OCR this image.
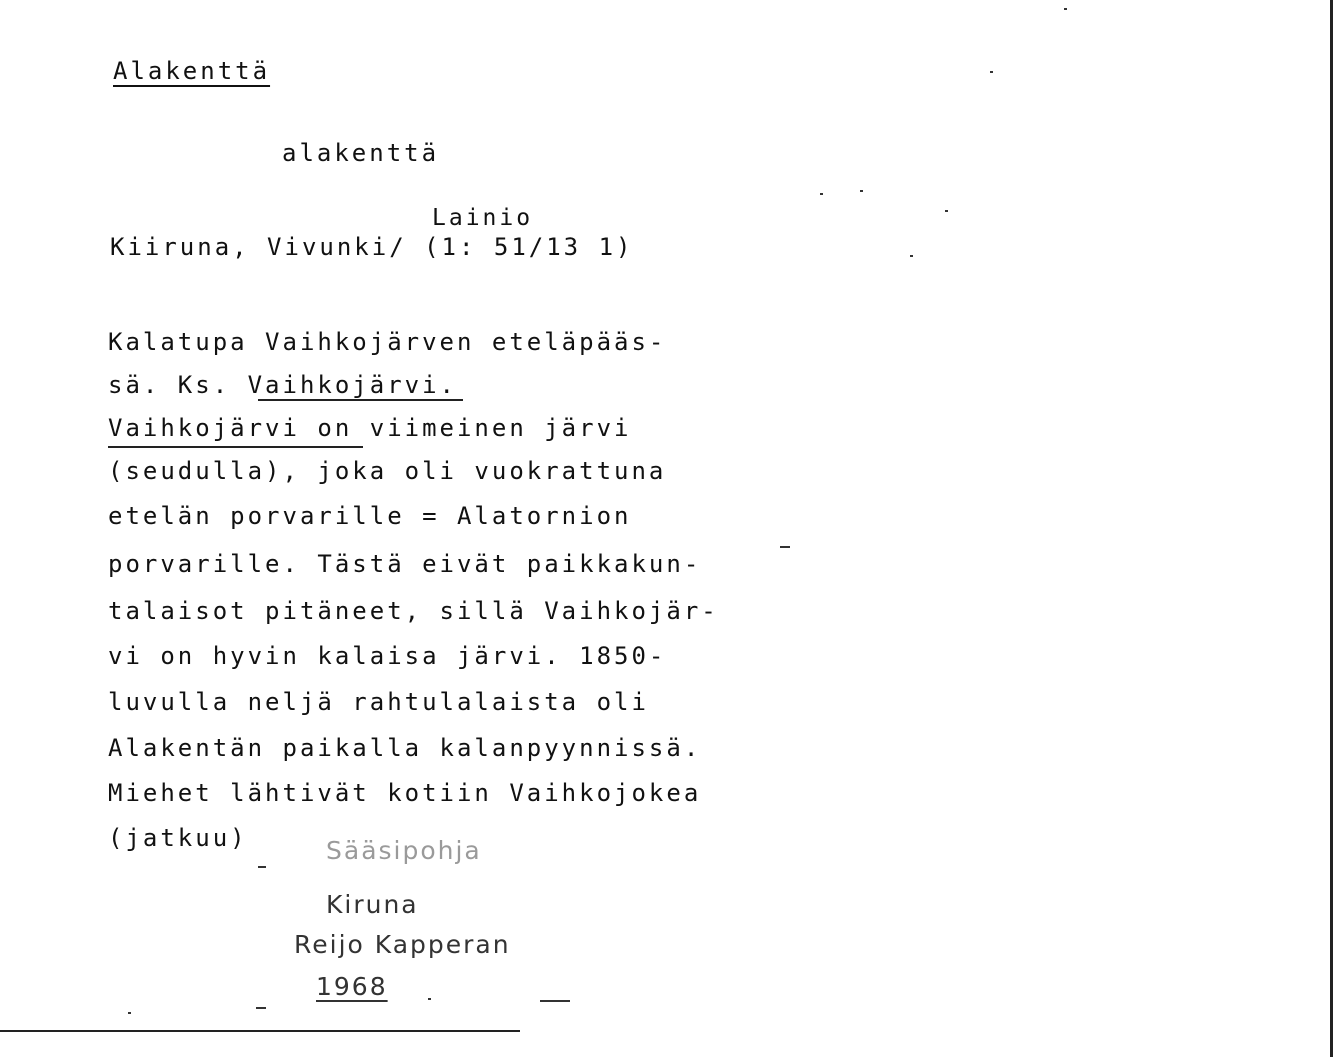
Alakenttä
alakenttä
Lainio
Kiiruna, Vivunki/ (1: 51/13 1)
Kalatupa Vaihkojärven eteläpääs-
sä. Ks. Vaihkojärvi.
Vaihkojärvi on viimeinen järvi
(seudulla), joka oli vuokrattuna
etelän porvarille = Alatornion
porvarille. Tästä eivät paikkakun-
talaisot pitäneet, sillä Vaihkojär-
vi on hyvin kalaisa järvi. 1850-
luvulla neljä rahtulalaista oli
Alakentän paikalla kalanpyynnissä.
Miehet lähtivät kotiin Vaihkojokea
(jatkuu)	Sääsipohja
Kiruna
Reijo Kapperan
1968
